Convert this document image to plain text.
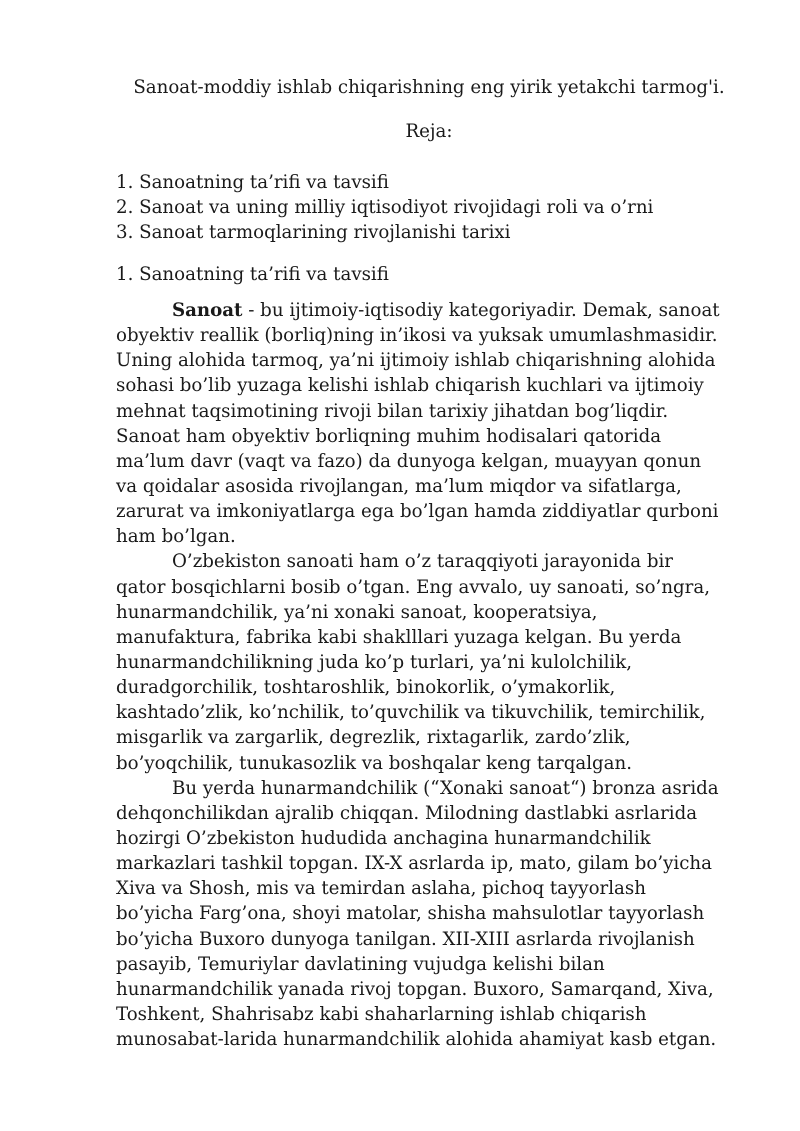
Sanoat-moddiy ishlab chiqarishning eng yirik yetakchi tarmog'i.
Reja:
1. Sanoatning ta’rifi va tavsifi
2. Sanoat va uning milliy iqtisodiyot rivojidagi roli va o’rni
3. Sanoat tarmoqlarining rivojlanishi tarixi
1. Sanoatning ta’rifi va tavsifi
Sanoat - bu ijtimoiy-iqtisodiy kategoriyadir. Demak, sanoat
obyektiv reallik (borliq)ning in’ikosi va yuksak umumlashmasidir.
Uning alohida tarmoq, ya’ni ijtimoiy ishlab chiqarishning alohida
sohasi bo’lib yuzaga kelishi ishlab chiqarish kuchlari va ijtimoiy
mehnat taqsimotining rivoji bilan tarixiy jihatdan bog’liqdir.
Sanoat ham obyektiv borliqning muhim hodisalari qatorida
ma’lum davr (vaqt va fazo) da dunyoga kelgan, muayyan qonun
va qoidalar asosida rivojlangan, ma’lum miqdor va sifatlarga,
zarurat va imkoniyatlarga ega bo’lgan hamda ziddiyatlar qurboni
ham bo’lgan.
O’zbekiston sanoati ham o’z taraqqiyoti jarayonida bir
qator bosqichlarni bosib o’tgan. Eng avvalo, uy sanoati, so’ngra,
hunarmandchilik, ya’ni xonaki sanoat, kooperatsiya,
manufaktura, fabrika kabi shaklllari yuzaga kelgan. Bu yerda
hunarmandchilikning juda ko’p turlari, ya’ni kulolchilik,
duradgorchilik, toshtaroshlik, binokorlik, o’ymakorlik,
kashtado’zlik, ko’nchilik, to’quvchilik va tikuvchilik, temirchilik,
misgarlik va zargarlik, degrezlik, rixtagarlik, zardo’zlik,
bo’yoqchilik, tunukasozlik va boshqalar keng tarqalgan.
Bu yerda hunarmandchilik (“Xonaki sanoat“) bronza asrida
dehqonchilikdan ajralib chiqqan. Milodning dastlabki asrlarida
hozirgi O’zbekiston hududida anchagina hunarmandchilik
markazlari tashkil topgan. IX-X asrlarda ip, mato, gilam bo’yicha
Xiva va Shosh, mis va temirdan aslaha, pichoq tayyorlash
bo’yicha Farg’ona, shoyi matolar, shisha mahsulotlar tayyorlash
bo’yicha Buxoro dunyoga tanilgan. XII-XIII asrlarda rivojlanish
pasayib, Temuriylar davlatining vujudga kelishi bilan
hunarmandchilik yanada rivoj topgan. Buxoro, Samarqand, Xiva,
Toshkent, Shahrisabz kabi shaharlarning ishlab chiqarish
munosabat-larida hunarmandchilik alohida ahamiyat kasb etgan.
